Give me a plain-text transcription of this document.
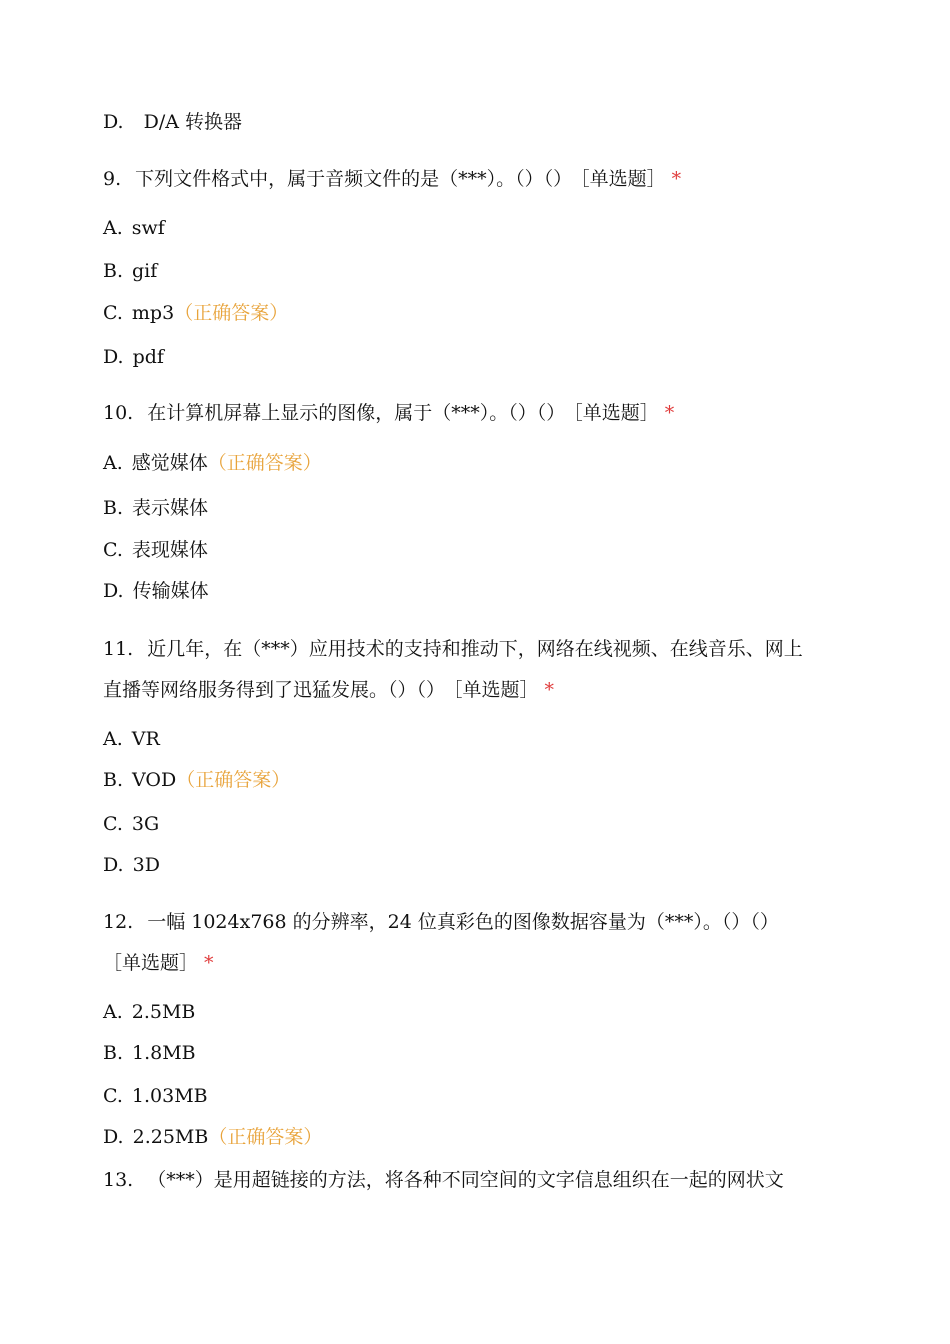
D. D/A 转换器
9. 下列文件格式中，属于音频文件的是（***）。（）（） ［单选题］ *
A. swf
B. gif
C. mp3（正确答案）
D. pdf
10. 在计算机屏幕上显示的图像，属于（***）。（）（） ［单选题］ *
A. 感觉媒体（正确答案）
B. 表示媒体
C. 表现媒体
D. 传输媒体
11. 近几年，在（***）应用技术的支持和推动下，网络在线视频、在线音乐、网上
直播等网络服务得到了迅猛发展。（）（） ［单选题］ *
A. VR
B. VOD（正确答案）
C. 3G
D. 3D
12. 一幅 1024x768 的分辨率，24 位真彩色的图像数据容量为（***）。（）（）
［单选题］ *
A. 2.5MB
B. 1.8MB
C. 1.03MB
D. 2.25MB（正确答案）
13. （***）是用超链接的方法，将各种不同空间的文字信息组织在一起的网状文
